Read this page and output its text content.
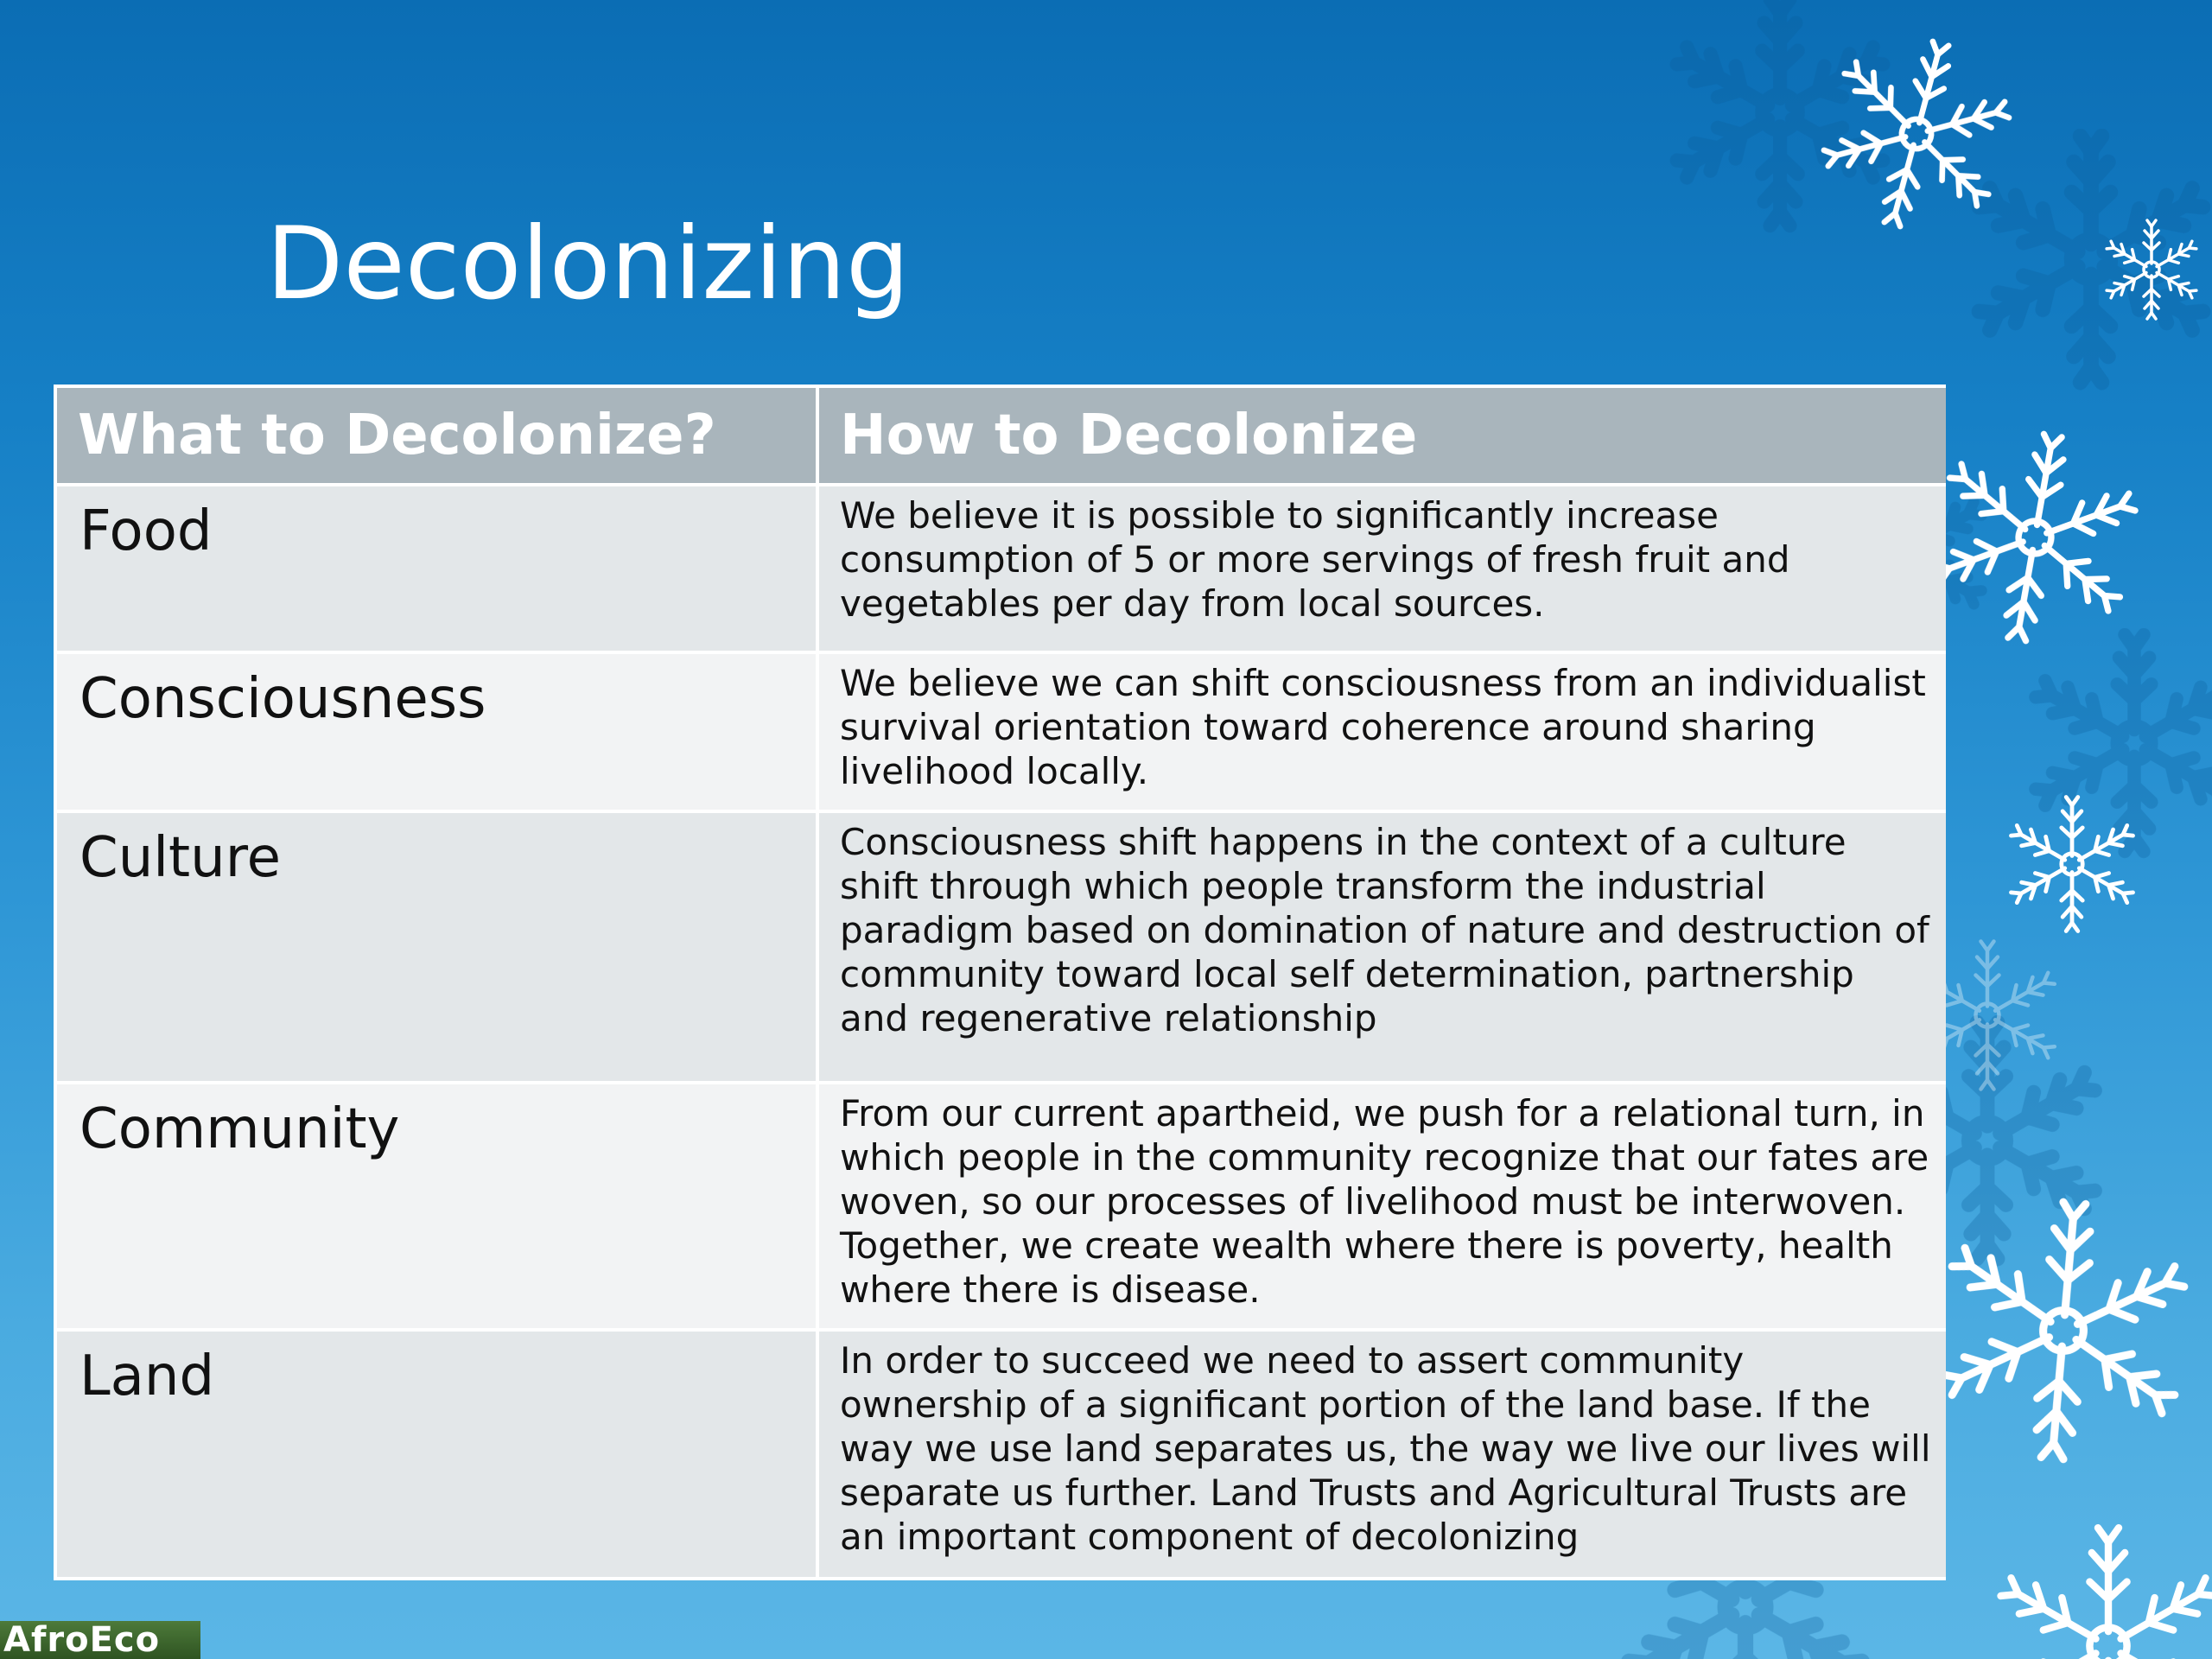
Decolonizing
What to Decolonize?	How to Decolonize
Food	We believe it is possible to significantly increase consumption of 5 or more servings of fresh fruit and vegetables per day from local sources.
Consciousness	We believe we can shift consciousness from an individualist survival orientation toward coherence around sharing livelihood locally.
Culture	Consciousness shift happens in the context of a culture shift through which people transform the industrial paradigm based on domination of nature and destruction of community toward local self determination, partnership and regenerative relationship
Community	From our current apartheid, we push for a relational turn, in which people in the community recognize that our fates are woven, so our processes of livelihood must be interwoven. Together, we create wealth where there is poverty, health where there is disease.
Land	In order to succeed we need to assert community ownership of a significant portion of the land base. If the way we use land separates us, the way we live our lives will separate us further. Land Trusts and Agricultural Trusts are an important component of decolonizing
AfroEco
